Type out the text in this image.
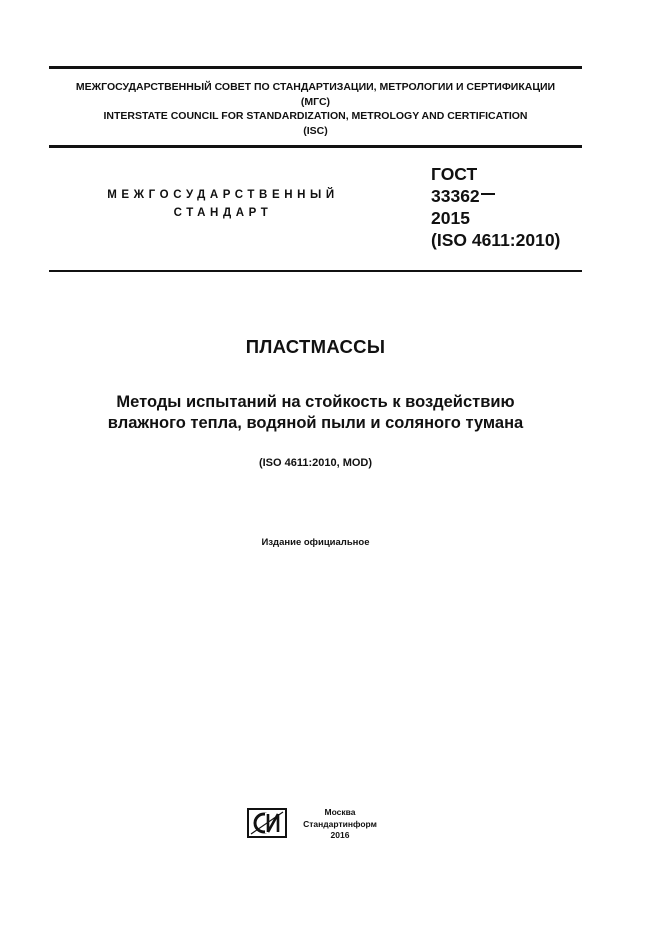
МЕЖГОСУДАРСТВЕННЫЙ СОВЕТ ПО СТАНДАРТИЗАЦИИ, МЕТРОЛОГИИ И СЕРТИФИКАЦИИ
(МГС)
INTERSTATE COUNCIL FOR STANDARDIZATION, METROLOGY AND CERTIFICATION
(ISC)
МЕЖГОСУДАРСТВЕННЫЙ
СТАНДАРТ
ГОСТ
33362
2015
(ISO 4611:2010)
ПЛАСТМАССЫ
Методы испытаний на стойкость к воздействию
влажного тепла, водяной пыли и соляного тумана
(ISO 4611:2010, MOD)
Издание официальное
Москва
Стандартинформ
2016
